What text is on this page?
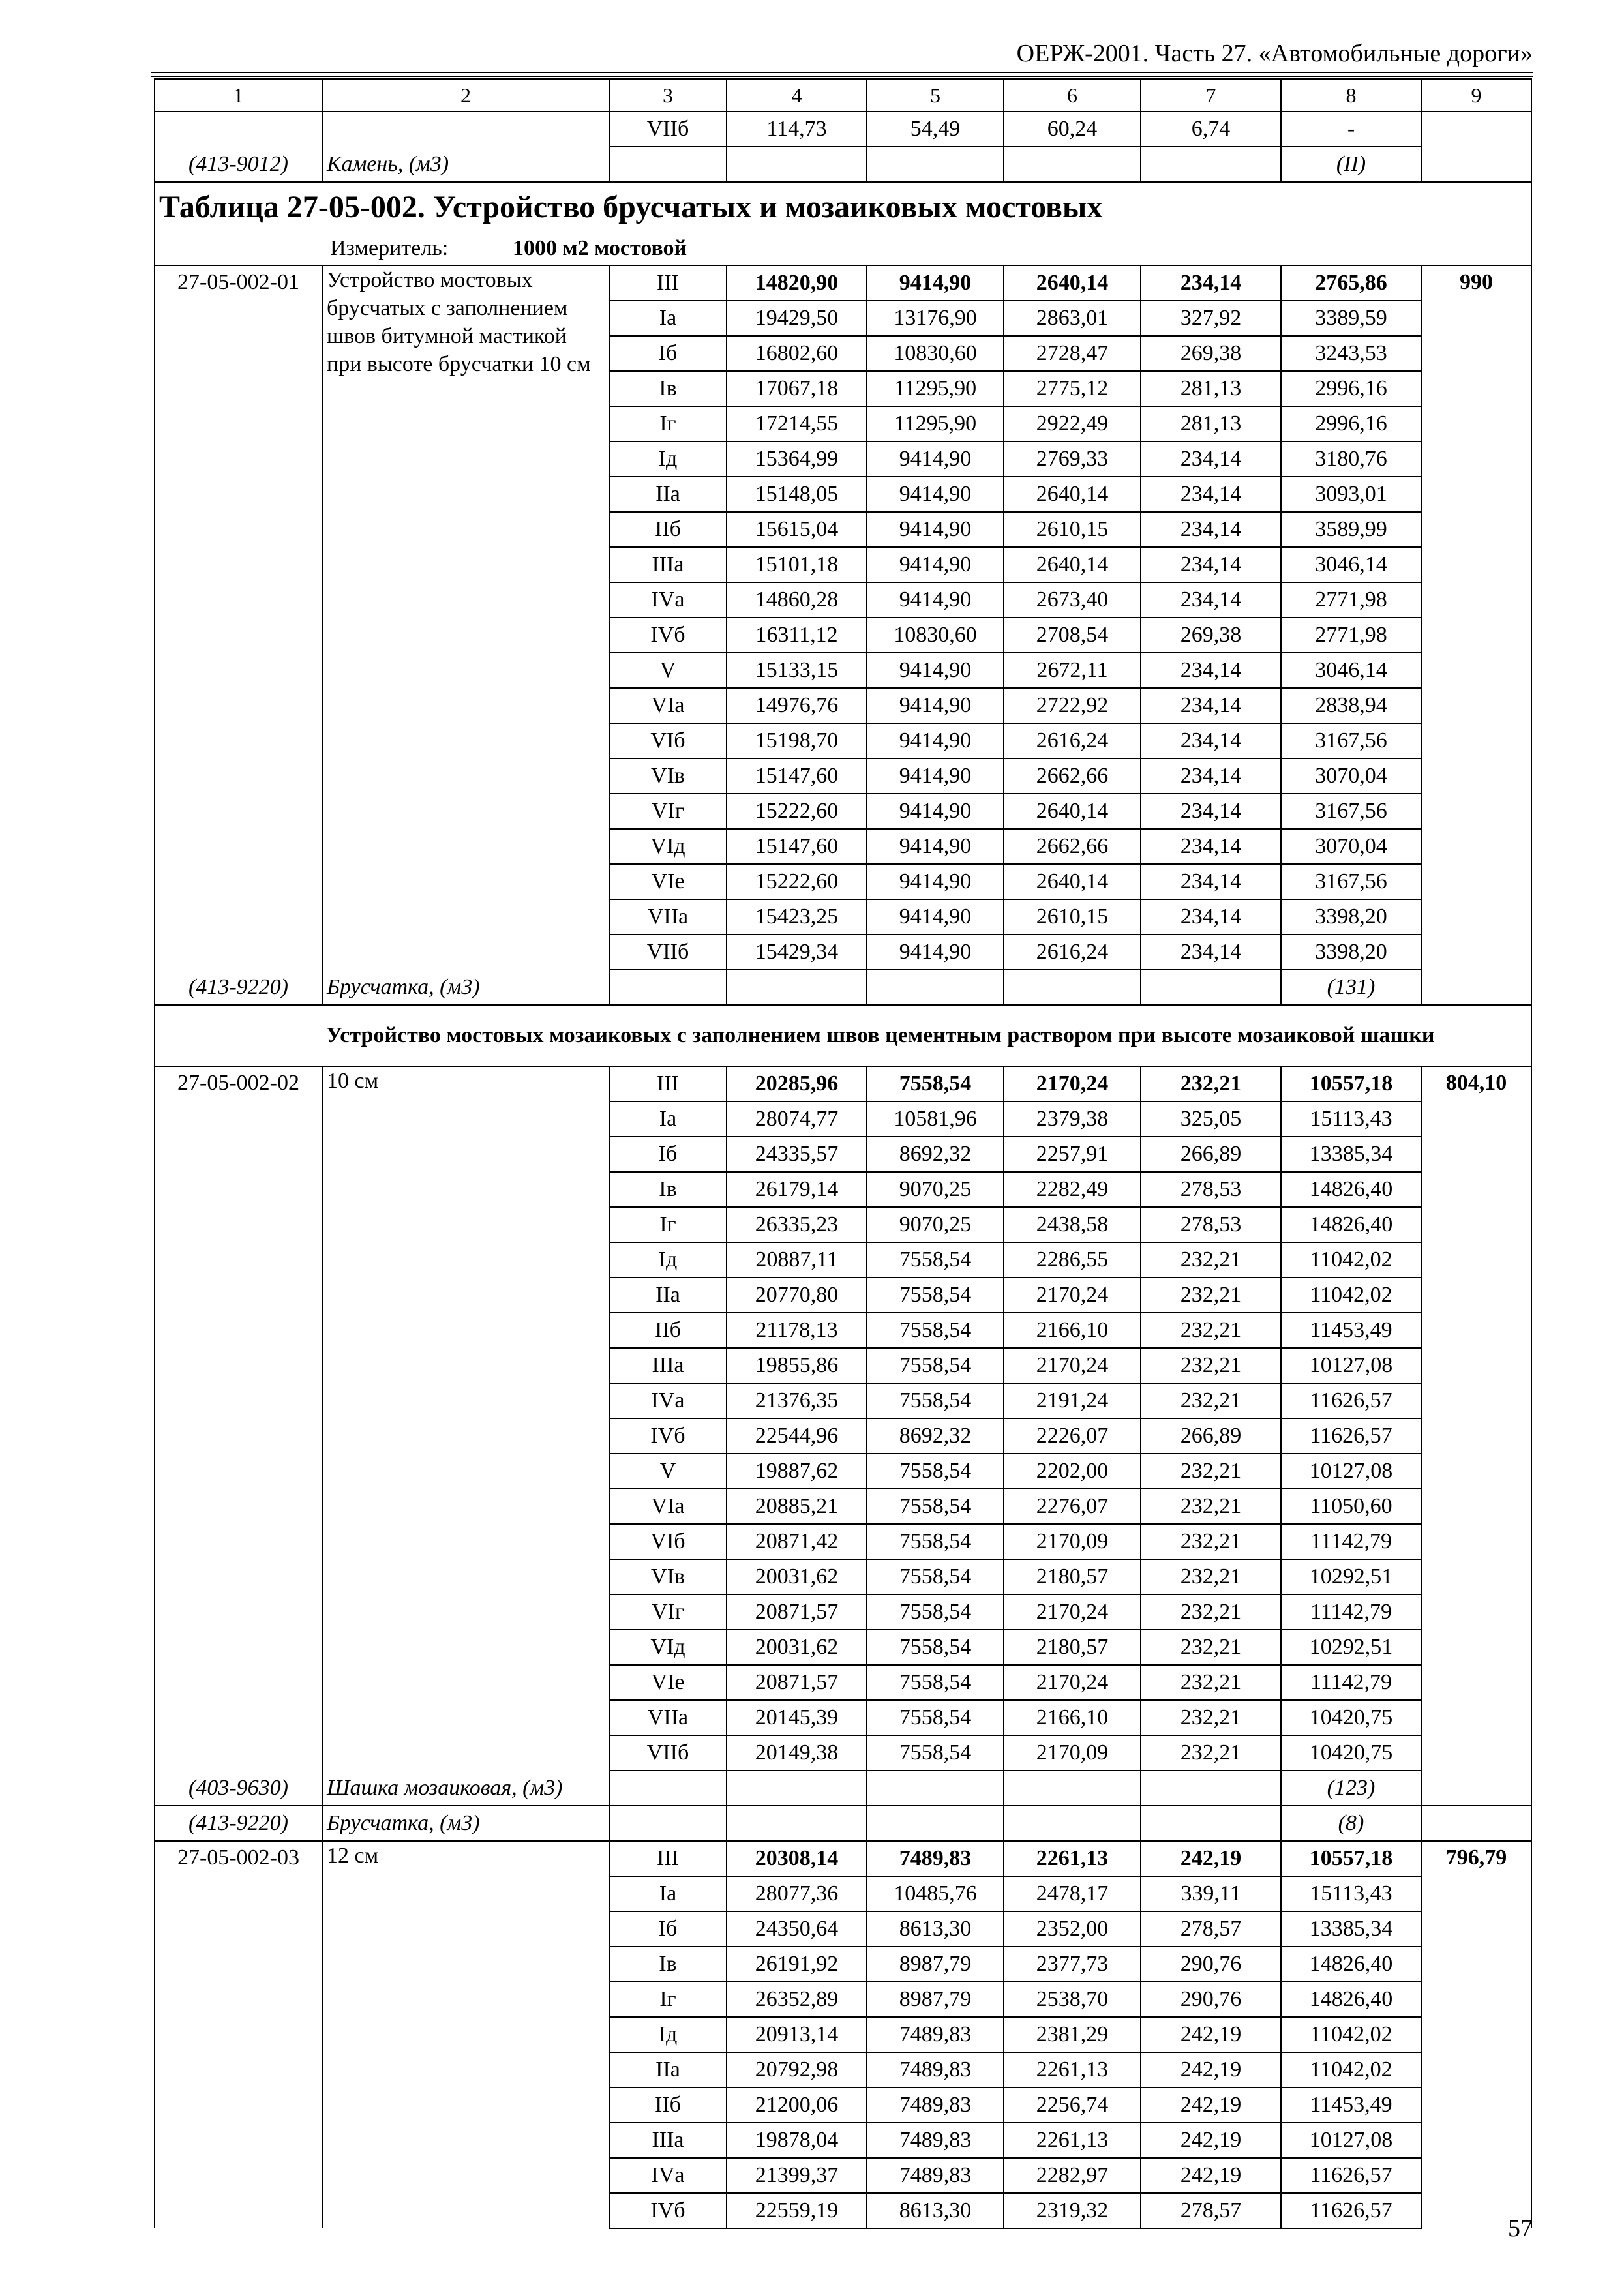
ОЕРЖ-2001. Часть 27. «Автомобильные дороги»
1	2	3	4	5	6	7	8	9
		VIIб	114,73	54,49	60,24	6,74	-	
(413-9012)	Камень, (м3)						(II)	
Таблица 27-05-002. Устройство брусчатых и мозаиковых мостовых								
Измеритель: 1000 м2 мостовой								
27-05-002-01	Устройство мостовых брусчатых с заполнением швов битумной мастикой при высоте брусчатки 10 см	III	14820,90	9414,90	2640,14	234,14	2765,86	990
		Iа	19429,50	13176,90	2863,01	327,92	3389,59	
		Iб	16802,60	10830,60	2728,47	269,38	3243,53	
		Iв	17067,18	11295,90	2775,12	281,13	2996,16	
		Iг	17214,55	11295,90	2922,49	281,13	2996,16	
		Iд	15364,99	9414,90	2769,33	234,14	3180,76	
		IIа	15148,05	9414,90	2640,14	234,14	3093,01	
		IIб	15615,04	9414,90	2610,15	234,14	3589,99	
		IIIа	15101,18	9414,90	2640,14	234,14	3046,14	
		IVа	14860,28	9414,90	2673,40	234,14	2771,98	
		IVб	16311,12	10830,60	2708,54	269,38	2771,98	
		V	15133,15	9414,90	2672,11	234,14	3046,14	
		VIа	14976,76	9414,90	2722,92	234,14	2838,94	
		VIб	15198,70	9414,90	2616,24	234,14	3167,56	
		VIв	15147,60	9414,90	2662,66	234,14	3070,04	
		VIг	15222,60	9414,90	2640,14	234,14	3167,56	
		VIд	15147,60	9414,90	2662,66	234,14	3070,04	
		VIе	15222,60	9414,90	2640,14	234,14	3167,56	
		VIIа	15423,25	9414,90	2610,15	234,14	3398,20	
		VIIб	15429,34	9414,90	2616,24	234,14	3398,20	
(413-9220)	Брусчатка, (м3)						(131)	
Устройство мостовых мозаиковых с заполнением швов цементным раствором при высоте мозаиковой шашки								
27-05-002-02	10 см	III	20285,96	7558,54	2170,24	232,21	10557,18	804,10
		Iа	28074,77	10581,96	2379,38	325,05	15113,43	
		Iб	24335,57	8692,32	2257,91	266,89	13385,34	
		Iв	26179,14	9070,25	2282,49	278,53	14826,40	
		Iг	26335,23	9070,25	2438,58	278,53	14826,40	
		Iд	20887,11	7558,54	2286,55	232,21	11042,02	
		IIа	20770,80	7558,54	2170,24	232,21	11042,02	
		IIб	21178,13	7558,54	2166,10	232,21	11453,49	
		IIIа	19855,86	7558,54	2170,24	232,21	10127,08	
		IVа	21376,35	7558,54	2191,24	232,21	11626,57	
		IVб	22544,96	8692,32	2226,07	266,89	11626,57	
		V	19887,62	7558,54	2202,00	232,21	10127,08	
		VIа	20885,21	7558,54	2276,07	232,21	11050,60	
		VIб	20871,42	7558,54	2170,09	232,21	11142,79	
		VIв	20031,62	7558,54	2180,57	232,21	10292,51	
		VIг	20871,57	7558,54	2170,24	232,21	11142,79	
		VIд	20031,62	7558,54	2180,57	232,21	10292,51	
		VIе	20871,57	7558,54	2170,24	232,21	11142,79	
		VIIа	20145,39	7558,54	2166,10	232,21	10420,75	
		VIIб	20149,38	7558,54	2170,09	232,21	10420,75	
(403-9630)	Шашка мозаиковая, (м3)						(123)	
(413-9220)	Брусчатка, (м3)						(8)	
27-05-002-03	12 см	III	20308,14	7489,83	2261,13	242,19	10557,18	796,79
		Iа	28077,36	10485,76	2478,17	339,11	15113,43	
		Iб	24350,64	8613,30	2352,00	278,57	13385,34	
		Iв	26191,92	8987,79	2377,73	290,76	14826,40	
		Iг	26352,89	8987,79	2538,70	290,76	14826,40	
		Iд	20913,14	7489,83	2381,29	242,19	11042,02	
		IIа	20792,98	7489,83	2261,13	242,19	11042,02	
		IIб	21200,06	7489,83	2256,74	242,19	11453,49	
		IIIа	19878,04	7489,83	2261,13	242,19	10127,08	
		IVа	21399,37	7489,83	2282,97	242,19	11626,57	
		IVб	22559,19	8613,30	2319,32	278,57	11626,57	
57
